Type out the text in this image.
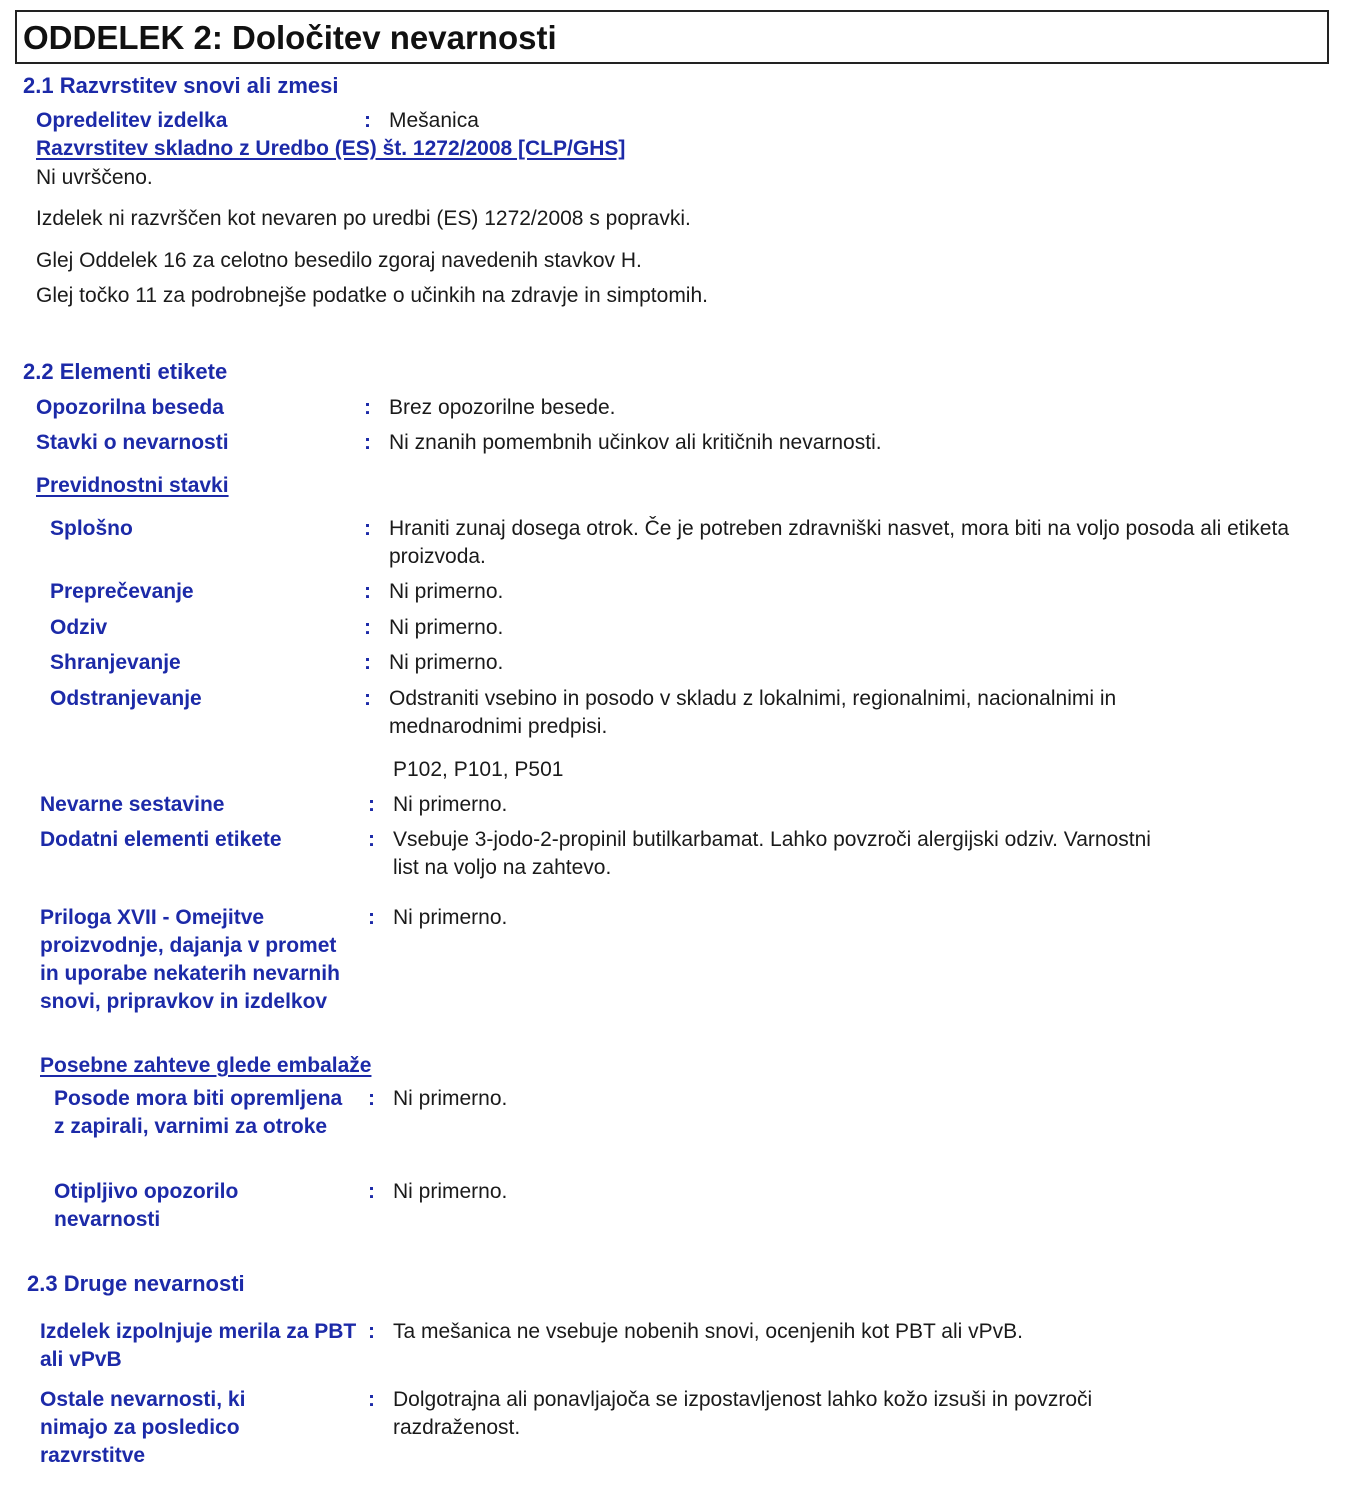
ODDELEK 2: Določitev nevarnosti
2.1 Razvrstitev snovi ali zmesi
Opredelitev izdelka	: Mešanica
Razvrstitev skladno z Uredbo (ES) št. 1272/2008 [CLP/GHS]
Ni uvrščeno.
Izdelek ni razvrščen kot nevaren po uredbi (ES) 1272/2008 s popravki.
Glej Oddelek 16 za celotno besedilo zgoraj navedenih stavkov H.
Glej točko 11 za podrobnejše podatke o učinkih na zdravje in simptomih.
2.2 Elementi etikete
Opozorilna beseda	: Brez opozorilne besede.
Stavki o nevarnosti	: Ni znanih pomembnih učinkov ali kritičnih nevarnosti.
Previdnostni stavki
Splošno	: Hraniti zunaj dosega otrok. Če je potreben zdravniški nasvet, mora biti na voljo posoda ali etiketa proizvoda.
Preprečevanje	: Ni primerno.
Odziv	: Ni primerno.
Shranjevanje	: Ni primerno.
Odstranjevanje	: Odstraniti vsebino in posodo v skladu z lokalnimi, regionalnimi, nacionalnimi in mednarodnimi predpisi.
P102, P101, P501
Nevarne sestavine	: Ni primerno.
Dodatni elementi etikete	: Vsebuje 3-jodo-2-propinil butilkarbamat. Lahko povzroči alergijski odziv. Varnostni list na voljo na zahtevo.
Priloga XVII - Omejitve proizvodnje, dajanja v promet in uporabe nekaterih nevarnih snovi, pripravkov in izdelkov
: Ni primerno.
Posebne zahteve glede embalaže
Posode mora biti opremljena z zapirali, varnimi za otroke
: Ni primerno.
Otipljivo opozorilo nevarnosti
: Ni primerno.
2.3 Druge nevarnosti
Izdelek izpolnjuje merila za PBT ali vPvB
: Ta mešanica ne vsebuje nobenih snovi, ocenjenih kot PBT ali vPvB.
Ostale nevarnosti, ki nimajo za posledico razvrstitve
: Dolgotrajna ali ponavljajoča se izpostavljenost lahko kožo izsuši in povzroči razdraženost.
